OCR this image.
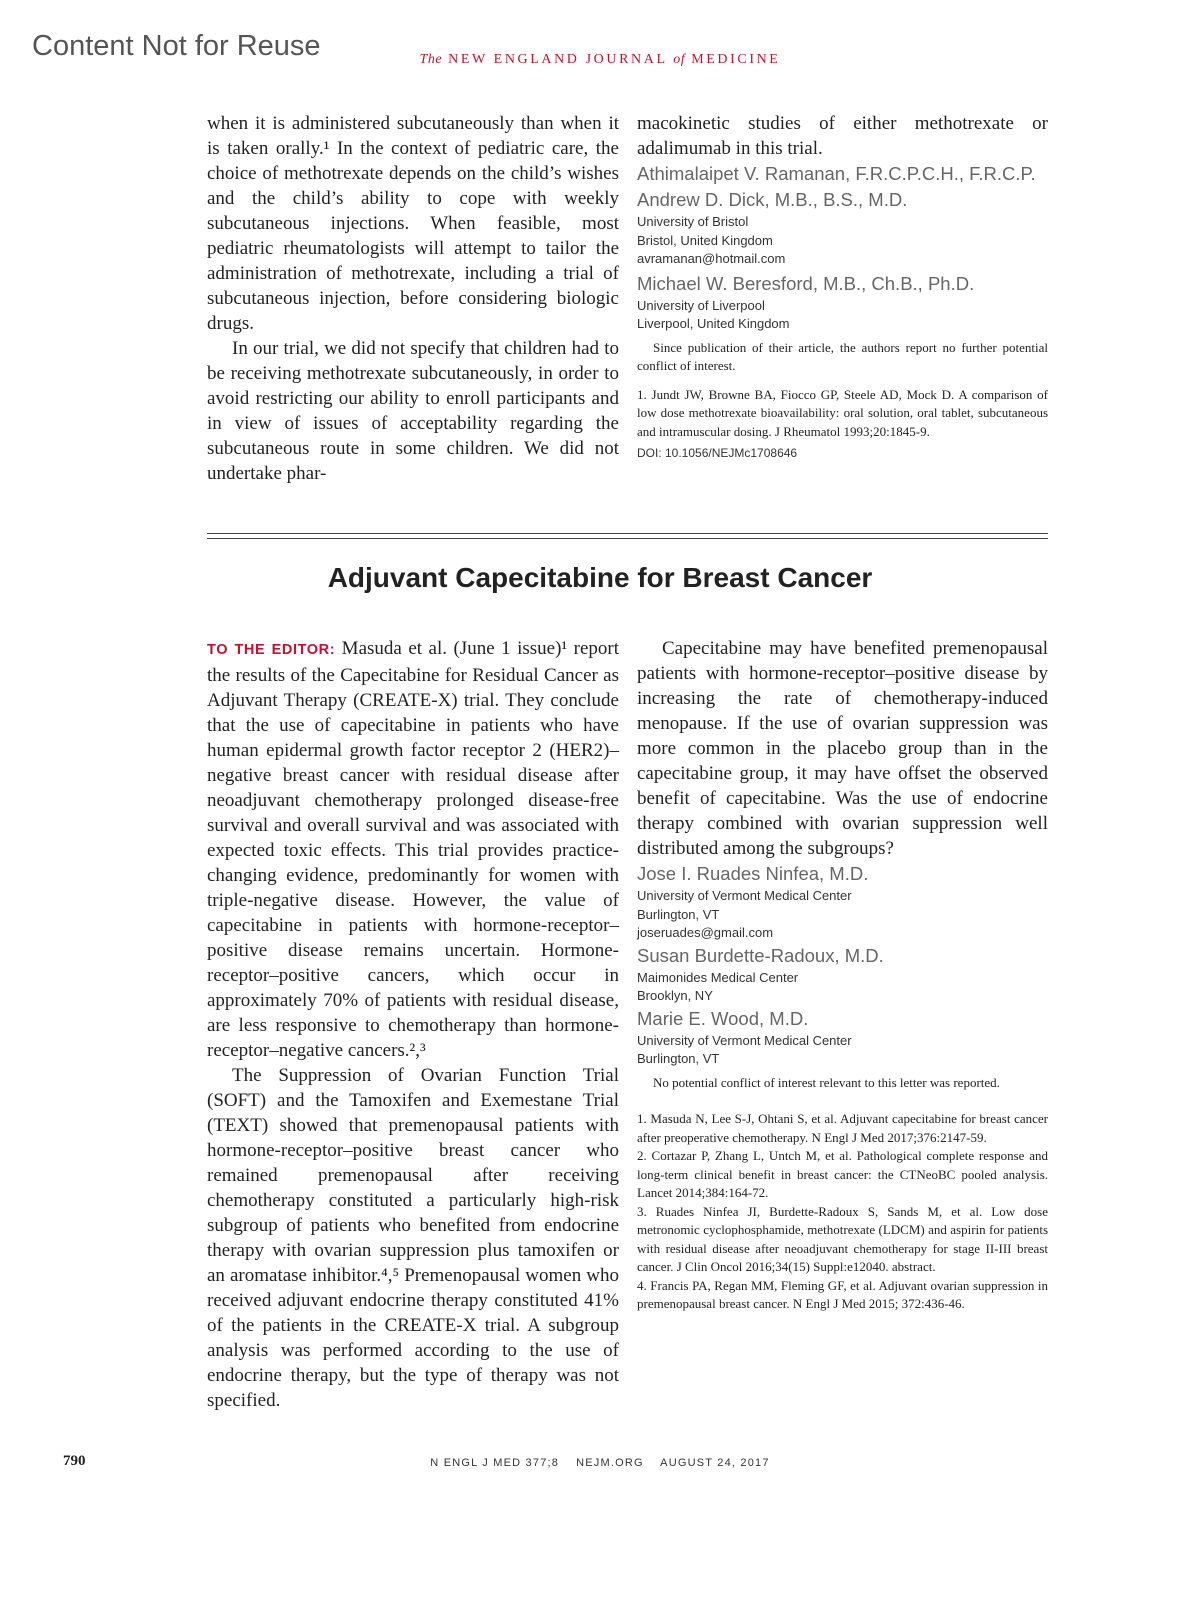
Content Not for Reuse	The NEW ENGLAND JOURNAL of MEDICINE

when it is administered subcutaneously than when it is taken orally.¹ In the context of pediatric care, the choice of methotrexate depends on the child’s wishes and the child’s ability to cope with weekly subcutaneous injections. When feasible, most pediatric rheumatologists will attempt to tailor the administration of methotrexate, including a trial of subcutaneous injection, before considering biologic drugs.

In our trial, we did not specify that children had to be receiving methotrexate subcutaneously, in order to avoid restricting our ability to enroll participants and in view of issues of acceptability regarding the subcutaneous route in some children. We did not undertake phar-

macokinetic studies of either methotrexate or adalimumab in this trial.

Athimalaipet V. Ramanan, F.R.C.P.C.H., F.R.C.P.

Andrew D. Dick, M.B., B.S., M.D.

University of Bristol

Bristol, United Kingdom

avramanan@hotmail.com

Michael W. Beresford, M.B., Ch.B., Ph.D.

University of Liverpool

Liverpool, United Kingdom

Since publication of their article, the authors report no further potential conflict of interest.

1. Jundt JW, Browne BA, Fiocco GP, Steele AD, Mock D. A comparison of low dose methotrexate bioavailability: oral solution, oral tablet, subcutaneous and intramuscular dosing. J Rheumatol 1993;20:1845-9.

DOI: 10.1056/NEJMc1708646

Adjuvant Capecitabine for Breast Cancer

TO THE EDITOR: Masuda et al. (June 1 issue)¹ report the results of the Capecitabine for Residual Cancer as Adjuvant Therapy (CREATE-X) trial. They conclude that the use of capecitabine in patients who have human epidermal growth factor receptor 2 (HER2)–negative breast cancer with residual disease after neoadjuvant chemotherapy prolonged disease-free survival and overall survival and was associated with expected toxic effects. This trial provides practice-changing evidence, predominantly for women with triple-negative disease. However, the value of capecitabine in patients with hormone-receptor–positive disease remains uncertain. Hormone-receptor–positive cancers, which occur in approximately 70% of patients with residual disease, are less responsive to chemotherapy than hormone-receptor–negative cancers.²,³

The Suppression of Ovarian Function Trial (SOFT) and the Tamoxifen and Exemestane Trial (TEXT) showed that premenopausal patients with hormone-receptor–positive breast cancer who remained premenopausal after receiving chemotherapy constituted a particularly high-risk subgroup of patients who benefited from endocrine therapy with ovarian suppression plus tamoxifen or an aromatase inhibitor.⁴,⁵ Premenopausal women who received adjuvant endocrine therapy constituted 41% of the patients in the CREATE-X trial. A subgroup analysis was performed according to the use of endocrine therapy, but the type of therapy was not specified.

Capecitabine may have benefited premenopausal patients with hormone-receptor–positive disease by increasing the rate of chemotherapy-induced menopause. If the use of ovarian suppression was more common in the placebo group than in the capecitabine group, it may have offset the observed benefit of capecitabine. Was the use of endocrine therapy combined with ovarian suppression well distributed among the subgroups?

Jose I. Ruades Ninfea, M.D.

University of Vermont Medical Center

Burlington, VT

joseruades@gmail.com

Susan Burdette-Radoux, M.D.

Maimonides Medical Center

Brooklyn, NY

Marie E. Wood, M.D.

University of Vermont Medical Center

Burlington, VT

No potential conflict of interest relevant to this letter was reported.

1. Masuda N, Lee S-J, Ohtani S, et al. Adjuvant capecitabine for breast cancer after preoperative chemotherapy. N Engl J Med 2017;376:2147-59.

2. Cortazar P, Zhang L, Untch M, et al. Pathological complete response and long-term clinical benefit in breast cancer: the CTNeoBC pooled analysis. Lancet 2014;384:164-72.

3. Ruades Ninfea JI, Burdette-Radoux S, Sands M, et al. Low dose metronomic cyclophosphamide, methotrexate (LDCM) and aspirin for patients with residual disease after neoadjuvant chemotherapy for stage II-III breast cancer. J Clin Oncol 2016;34(15) Suppl:e12040. abstract.

4. Francis PA, Regan MM, Fleming GF, et al. Adjuvant ovarian suppression in premenopausal breast cancer. N Engl J Med 2015; 372:436-46.

790	N ENGL J MED 377;8    NEJM.ORG    AUGUST 24, 2017
